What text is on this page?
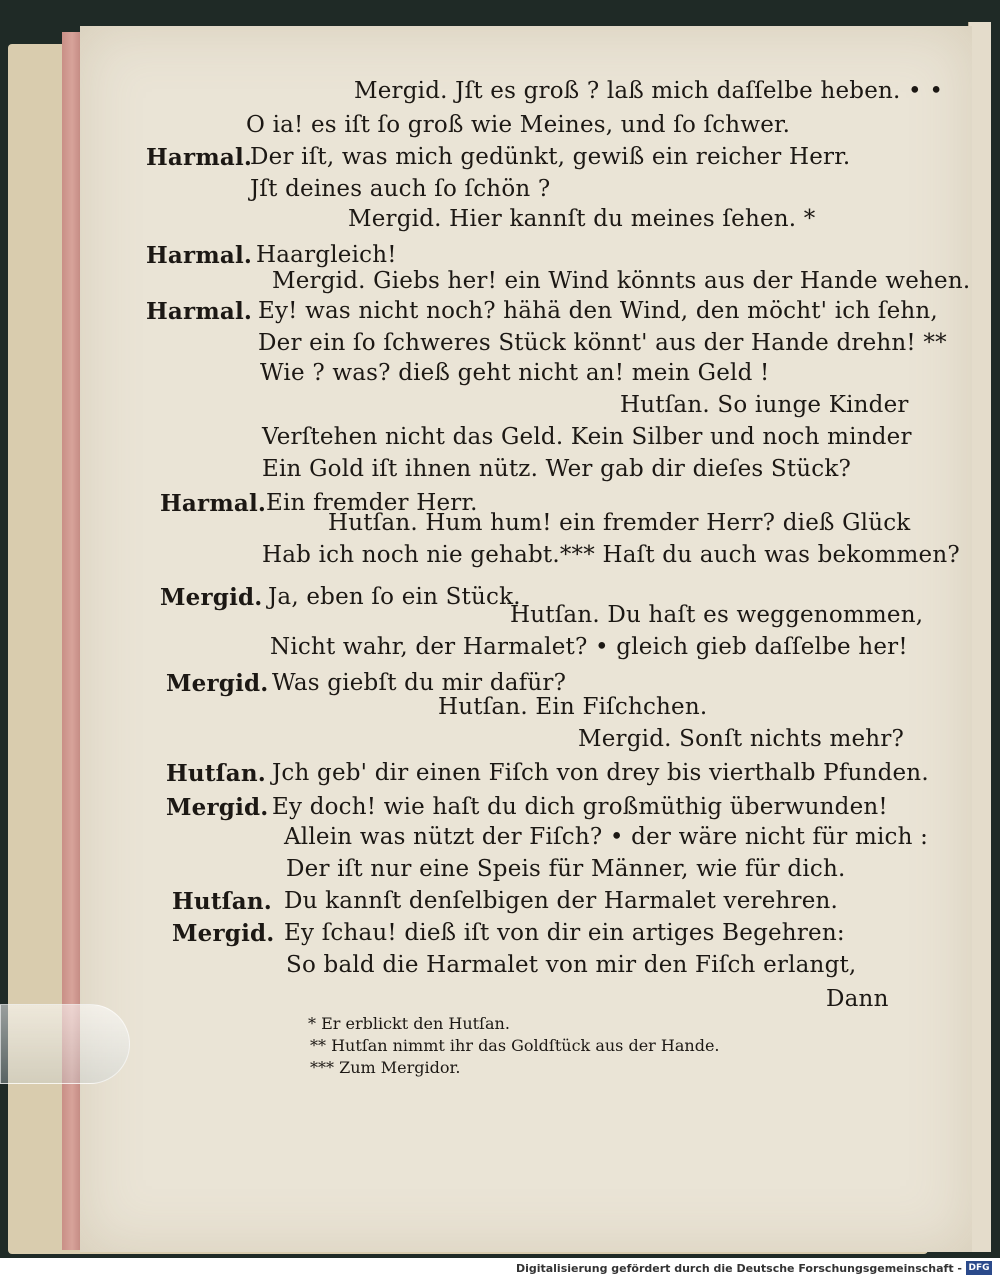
Harmal.
Harmal.
Harmal.
Harmal.
Mergid.
Mergid.
Hutſan.
Mergid.
Hutſan.
Mergid.
Mergid. Jſt es groß ? laß mich daſſelbe heben. • •
O ia! es iſt ſo groß wie Meines, und ſo ſchwer.
Der iſt, was mich gedünkt, gewiß ein reicher Herr.
Jſt deines auch ſo ſchön ?
Mergid. Hier kannſt du meines ſehen. *
Haargleich!
Mergid. Giebs her! ein Wind könnts aus der Hande wehen.
Ey! was nicht noch? hähä den Wind, den möcht' ich ſehn,
Der ein ſo ſchweres Stück könnt' aus der Hande drehn! **
Wie ? was? dieß geht nicht an! mein Geld !
Hutſan. So iunge Kinder
Verſtehen nicht das Geld. Kein Silber und noch minder
Ein Gold iſt ihnen nütz. Wer gab dir dieſes Stück?
Ein fremder Herr.
Hutſan. Hum hum! ein fremder Herr? dieß Glück
Hab ich noch nie gehabt.*** Haſt du auch was bekommen?
Ja, eben ſo ein Stück.
Hutſan. Du haſt es weggenommen,
Nicht wahr, der Harmalet? • gleich gieb daſſelbe her!
Was giebſt du mir dafür?
Hutſan. Ein Fiſchchen.
Mergid. Sonſt nichts mehr?
Jch geb' dir einen Fiſch von drey bis vierthalb Pfunden.
Ey doch! wie haſt du dich großmüthig überwunden!
Allein was nützt der Fiſch? • der wäre nicht für mich :
Der iſt nur eine Speis für Männer, wie für dich.
Du kannſt denſelbigen der Harmalet verehren.
Ey ſchau! dieß iſt von dir ein artiges Begehren:
So bald die Harmalet von mir den Fiſch erlangt,
Dann
* Er erblickt den Hutſan.
** Hutſan nimmt ihr das Goldſtück aus der Hande.
*** Zum Mergidor.
Digitalisierung gefördert durch die Deutsche Forschungsgemeinschaft - DFG
